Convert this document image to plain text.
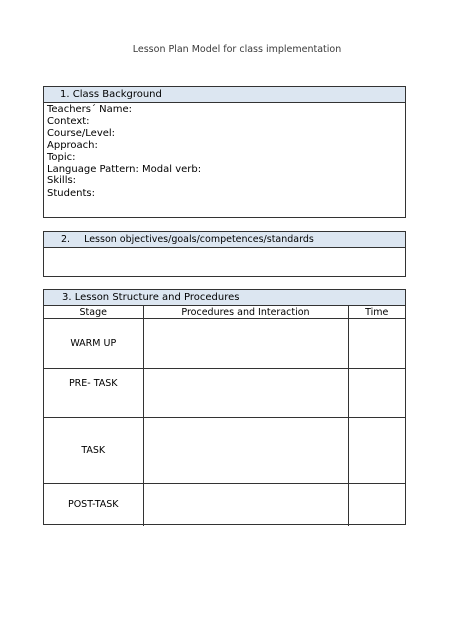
Lesson Plan Model for class implementation
1. Class Background
Teachers´ Name:
Context:
Course/Level:
Approach:
Topic:
Language Pattern: Modal verb:
Skills:
Students:
2. Lesson objectives/goals/competences/standards
3. Lesson Structure and Procedures
Stage	Procedures and Interaction	Time
WARM UP		
PRE- TASK		
TASK		
POST-TASK		
